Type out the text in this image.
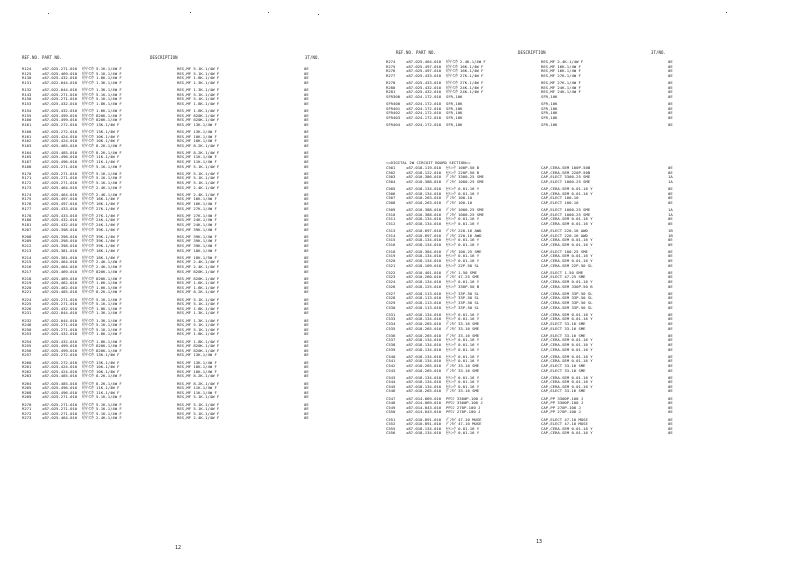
REF.NO. PART NO.	DESCRIPTION	3T/NO.
R124	★87-025-271-010 ｷｸﾃｲｺｳ 5.1K-1/4W F	RES,MF 5.1K-1/4W F	0E
R125	★87-025-469-010 ｷｸﾃｲｺｳ 5.1K-1/4W F	RES,MF 5.1K-1/4W F	0E
R130	★87-025-432-010 ｷｸﾃｲｺｳ 1.8K-1/4W F	RES,MF 1.8K-1/4W F	0E
R131	★87-022-044-010 ｷｸﾃｲｺｳ 1.3K-1/4W F	RES,MF 1.3K-1/4W F	0E
R132	★87-022-044-010 ｷｸﾃｲｺｳ 1.3K-1/4W F	RES,MF 1.3K-1/4W F	0E
R143	★87-025-271-010 ｷｸﾃｲｺｳ 5.1K-1/4W F	RES,MF 5.1K-1/4W F	0E
R150	★87-025-271-010 ｷｸﾃｲｺｳ 5.1K-1/4W F	RES,MF 5.1K-1/4W F	0E
R153	★87-025-432-010 ｷｸﾃｲｺｳ 1.8K-1/4W F	RES,MF 1.8K-1/4W F	0E
R154	★87-025-432-010 ｷｸﾃｲｺｳ 1.6K-1/4W F	RES,MF 1.6K-1/4W F	0E
R155	★87-025-499-010 ｷｸﾃｲｺｳ 820K-1/4W F	RES,MF 820K-1/4W F	0E
R160	★87-025-499-010 ｷｸﾃｲｺｳ 820K-1/4W F	RES,MF 820K-1/4W F	0E
R161	★87-025-272-010 ｷｸﾃｲｺｳ 13K-1/4W F	RES,MF 13K-1/4W F	0E
R160	★87-025-272-010 ｷｸﾃｲｺｳ 13K-1/4W F	RES,MF 13K-1/4W F	0E
R161	★87-025-424-010 ｷｸﾃｲｺｳ 10K-1/4W F	RES,MF 10K-1/4W F	0E
R162	★87-025-424-010 ｷｸﾃｲｺｳ 10K-1/4W F	RES,MF 10K-1/4W F	0E
R163	★87-025-485-010 ｷｸﾃｲｺｳ 8.2K-1/4W F	RES,MF 8.2K-1/4W F	0E
R164	★87-025-485-010 ｷｸﾃｲｺｳ 8.2K-1/4W F	RES,MF 8.2K-1/4W F	0E
R165	★87-025-496-010 ｷｸﾃｲｺｳ 11K-1/4W F	RES,MF 11K-1/4W F	0E
R167	★87-025-496-010 ｷｸﾃｲｺｳ 11K-1/4W F	RES,MF 11K-1/4W F	0E
R168	★87-025-271-010 ｷｸﾃｲｺｳ 5.1K-1/4W F	RES,MF 5.1K-1/4W F	0E
R170	★87-025-271-010 ｷｸﾃｲｺｳ 5.1K-1/4W F	RES,MF 5.1K-1/4W F	0E
R171	★87-025-271-010 ｷｸﾃｲｺｳ 5.1K-1/4W F	RES,MF 5.1K-1/4W F	0E
R172	★87-025-271-010 ｷｸﾃｲｺｳ 5.1K-1/4W F	RES,MF 5.1K-1/4W F	0E
R173	★87-025-464-010 ｷｸﾃｲｺｳ 2.4K-1/4W F	RES,MF 2.4K-1/4W F	0E
R174	★87-025-464-010 ｷｸﾃｲｺｳ 2.4K-1/4W F	RES,MF 2.4K-1/4W F	0E
R175	★87-025-497-010 ｷｸﾃｲｺｳ 16K-1/4W F	RES,MF 16K-1/4W F	0E
R176	★87-025-497-010 ｷｸﾃｲｺｳ 16K-1/4W F	RES,MF 16K-1/4W F	0E
R177	★87-025-433-010 ｷｸﾃｲｺｳ 27K-1/4W F	RES,MF 27K-1/4W F	0E
R178	★87-025-433-010 ｷｸﾃｲｺｳ 27K-1/4W F	RES,MF 27K-1/4W F	0E
R180	★87-025-432-010 ｷｸﾃｲｺｳ 24K-1/4W F	RES,MF 24K-1/4W F	0E
R181	★87-025-432-010 ｷｸﾃｲｺｳ 24K-1/4W F	RES,MF 24K-1/4W F	0E
R207	★87-025-398-010 ｷｸﾃｲｺｳ 39K-1/4W F	RES,MF 39K-1/4W F	0E
R208	★87-025-398-010 ｷｸﾃｲｺｳ 39K-1/4W F	RES,MF 39K-1/4W F	0E
R209	★87-025-398-010 ｷｸﾃｲｺｳ 39K-1/4W F	RES,MF 39K-1/4W F	0E
R212	★87-025-398-010 ｷｸﾃｲｺｳ 39K-1/4W F	RES,MF 39K-1/4W F	0E
R213	★87-025-381-010 ｷｸﾃｲｺｳ 18K-1/4W F	RES,MF 18K-1/4W F	0E
R214	★87-025-381-010 ｷｸﾃｲｺｳ 18K-1/4W F	RES,MF 18K-1/5W F	0E
R215	★87-025-464-010 ｷｸﾃｲｺｳ 2.4K-1/4W F	RES,MF 2.4K-1/4W F	0E
R216	★87-025-464-010 ｷｸﾃｲｺｳ 2.4K-1/4W F	RES,MF 2.4K-1/4W F	0E
R217	★87-025-469-010 ｷｸﾃｲｺｳ 820K-1/4W F	RES,MF 820K-1/4W F	0E
R218	★87-025-469-010 ｷｸﾃｲｺｳ 820K-1/4W F	RES,MF 820K-1/4W F	0E
R219	★87-025-462-010 ｷｸﾃｲｺｳ 1.6K-1/4W F	RES,MF 1.6K-1/4W F	0E
R220	★87-025-462-010 ｷｸﾃｲｺｳ 1.6K-1/4W F	RES,MF 1.6K-1/4W F	0E
R221	★87-025-485-010 ｷｸﾃｲｺｳ 8.2K-1/4W F	RES,MF 8.2K-1/4W F	0E
R224	★87-025-271-010 ｷｸﾃｲｺｳ 5.1K-1/4W F	RES,MF 5.1K-1/4W F	0E
R225	★87-025-271-010 ｷｸﾃｲｺｳ 5.1K-1/4W F	RES,MF 5.1K-1/4W F	0E
R226	★87-025-432-010 ｷｸﾃｲｺｳ 1.8K-1/4W F	RES,MF 1.8K-1/4W F	0E
R231	★87-022-044-010 ｷｸﾃｲｺｳ 1.3K-1/4W F	RES,MF 1.3K-1/4W F	0E
R232	★87-022-044-010 ｷｸﾃｲｺｳ 1.3K-1/4W F	RES,MF 1.3K-1/4W F	0E
R248	★87-025-271-010 ｷｸﾃｲｺｳ 5.1K-1/4W F	RES,MF 5.1K-1/4W F	0E
R250	★87-025-271-010 ｷｸﾃｲｺｳ 5.1K-1/4W F	RES,MF 5.1K-1/4W F	0E
R253	★87-025-432-010 ｷｸﾃｲｺｳ 1.8K-1/4W F	RES,MF 1.8K-1/4W F	0E
R254	★87-025-432-010 ｷｸﾃｲｺｳ 1.8K-1/4W F	RES,MF 1.8K-1/4W F	0E
R255	★87-025-499-010 ｷｸﾃｲｺｳ 820K-1/4W F	RES,MF 820K-1/4W F	0E
R256	★87-025-499-010 ｷｸﾃｲｺｳ 820K-1/4W F	RES,MF 820K-1/4W F	0E
R257	★87-025-272-010 ｷｸﾃｲｺｳ 13K-1/4W F	RES,MF 13K-1/4W F	0E
R260	★87-025-272-010 ｷｸﾃｲｺｳ 13K-1/4W F	RES,MF 13K-1/4W F	0E
R261	★87-025-424-010 ｷｸﾃｲｺｳ 10K-1/4W F	RES,MF 10K-1/4W F	0E
R262	★87-025-424-010 ｷｸﾃｲｺｳ 10K-1/4W F	RES,MF 10K-1/4W F	0E
R263	★87-025-485-010 ｷｸﾃｲｺｳ 8.2K-1/4W F	RES,MF 8.2K-1/4W F	0E
R264	★87-025-485-010 ｷｸﾃｲｺｳ 8.2K-1/4W F	RES,MF 8.2K-1/4W F	0E
R265	★87-025-496-010 ｷｸﾃｲｺｳ 11K-1/4W F	RES,MF 11K-1/4W F	0E
R268	★87-025-496-010 ｷｸﾃｲｺｳ 11K-1/4W F	RES,MF 11K-1/4W F	0E
R269	★87-025-271-010 ｷｸﾃｲｺｳ 5.1K-1/4W F	RES,MF 5.1K-1/4W F	0E
R270	★87-025-271-010 ｷｸﾃｲｺｳ 5.1K-1/4W F	RES,MF 5.1K-1/4W F	0E
R271	★87-025-271-010 ｷｸﾃｲｺｳ 5.1K-1/4W F	RES,MF 5.1K-1/4W F	0E
R272	★87-025-271-010 ｷｸﾃｲｺｳ 5.1K-1/4W F	RES,MF 5.1K-1/4W F	0E
R273	★87-025-464-010 ｷｸﾃｲｺｳ 2.4K-1/4W F	RES,MF 2.4K-1/4W F	0E
12
REF.NO. PART NO.	DESCRIPTION	3T/NO.
R274	★87-025-464-010 ｷｸﾃｲｺｳ 2.4K-1/4W F	RES,MF 2.4K-1/4W F	0E
R275	★87-025-497-010 ｷｸﾃｲｺｳ 16K-1/4W F	RES,MF 16K-1/4W F	0E
R276	★87-025-497-010 ｷｸﾃｲｺｳ 16K-1/4W F	RES,MF 16K-1/4W F	0E
R277	★87-025-433-010 ｷｸﾃｲｺｳ 27K-1/4W F	RES,MF 27K-1/4W F	0E
R278	★87-025-433-010 ｷｸﾃｲｺｳ 27K-1/4W F	RES,MF 27K-1/4W F	0E
R280	★87-025-432-010 ｷｸﾃｲｺｳ 24K-1/4W F	RES,MF 24K-1/4W F	0E
R281	★87-025-432-010 ｷｸﾃｲｺｳ 24K-1/4W F	RES,MF 24K-1/4W F	0E
SFR300 ★87-024-172-010 SFR,10K	SFR,10K	0E
SFR400 ★87-024-172-010 SFR,10K	SFR,10K	0E
SFR401 ★87-024-172-010 SFR,10K	SFR,10K	0E
SFR402 ★87-024-172-010 SFR,10K	SFR,10K	0E
SFR403 ★87-024-172-010 SFR,10K	SFR,10K	0E
SFR404 ★87-024-172-010 SFR,10K	SFR,10K	0E
==DIGITAL 2W CIRCUIT BOARD SECTION==
C501	★87-018-119-010 ｾﾗﾐｯｸ 100P-50 B	CAP,CERA-SEM 100P-50B	0E
C502	★87-018-122-010 ｾﾗﾐｯｸ 220P-50 B	CAP,CERA-SEM 220P-50B	0E
C503	★87-010-386-010 ﾃﾞﾝｶｲ 3300-25 SME	CAP,ELECT 3300-25 SME	1A
C504	★87-010-388-010 ﾃﾞﾝｶｲ 1000-25 SME	CAP,ELECT 1000-25 SME	1A
C505	★87-018-134-010 ｾﾗﾐｯｸ 0.01-16 Y	CAP,CERA-SEM 0.01-16 Y	0E
C506	★87-018-134-010 ｾﾗﾐｯｸ 0.01-16 Y	CAP,CERA-SEM 0.01-16 Y	0E
C507	★87-010-263-010 ﾃﾞﾝｶｲ 100-10	CAP,ELECT 100-10	0E
C508	★87-010-263-010 ﾃﾞﾝｶｲ 100-10	CAP,ELECT 100-10	0E
C509	★87-010-388-010 ﾃﾞﾝｶｲ 1000-25 SME	CAP,ELECT 1000-25 SME	1A
C510	★87-010-388-010 ﾃﾞﾝｶｲ 1000-25 SME	CAP,ELECT 1000-25 SME	1A
C511	★87-018-134-010 ｾﾗﾐｯｸ 0.01-16 Y	CAP,CERA-SEM 0.01-16 Y	0E
C512	★87-018-134-010 ｾﾗﾐｯｸ 0.01-16 Y	CAP,CERA-SEM 0.01-16 Y	0E
C513	★87-010-697-010 ﾃﾞﾝｶｲ 220-16 AWD	CAP,ELECT 220-16 AWD	1B
C514	★87-010-697-010 ﾃﾞﾝｶｲ 220-16 AWD	CAP,ELECT 220-16 AWD	1B
C515	★87-018-134-010 ｾﾗﾐｯｸ 0.01-16 Y	CAP,CERA-SEM 0.01-16 Y	0E
C516	★87-018-134-010 ｾﾗﾐｯｸ 0.01-16 Y	CAP,CERA-SEM 0.01-16 Y	0E
C518	★87-010-384-010 ﾃﾞﾝｶｲ 100-25 SME	CAP,ELECT 100-25 SME	0E
C519	★87-018-134-010 ｾﾗﾐｯｸ 0.01-16 Y	CAP,CERA-SEM 0.01-16 Y	0E
C520	★87-018-134-010 ｾﾗﾐｯｸ 0.01-16 Y	CAP,CERA-SEM 0.01-16 Y	0E
C521	★87-018-109-010 ｾﾗﾐｯｸ 22P-50 SL	CAP,CERA-SEM 22P-50 SL	0E
C522	★87-010-401-010 ﾃﾞﾝｶｲ 1-50 SME	CAP,ELECT 1-50 SME	0E
C523	★87-010-260-010 ﾃﾞﾝｶｲ 47-25 SME	CAP,ELECT 47-25 SME	0E
C524	★87-018-134-010 ｾﾗﾐｯｸ 0.01-16 Y	CAP,CERA-SEM 0.01-16 Y	0E
C526	★87-018-125-010 ｾﾗﾐｯｸ 330P-50 B	CAP,CERA-SEM 330P-50 B	0E
C527	★87-018-113-010 ｾﾗﾐｯｸ 33P-50 SL	CAP,CERA-SEM 33P-50 SL	0E
C528	★87-018-113-010 ｾﾗﾐｯｸ 33P-50 SL	CAP,CERA-SEM 33P-50 SL	0E
C529	★87-018-113-010 ｾﾗﾐｯｸ 33P-50 SL	CAP,CERA-SEM 33P-50 SL	0E
C530	★87-018-113-010 ｾﾗﾐｯｸ 33P-50 SL	CAP,CERA-SEM 33P-50 SL	0E
C531	★87-018-134-010 ｾﾗﾐｯｸ 0.01-16 Y	CAP,CERA-SEM 0.01-16 Y	0E
C533	★87-018-134-010 ｾﾗﾐｯｸ 0.01-16 Y	CAP,CERA-SEM 0.01-16 Y	0E
C534	★87-010-265-010 ﾃﾞﾝｶｲ 33-16 SME	CAP,ELECT 33-16 SME	0E
C535	★87-010-265-010 ﾃﾞﾝｶｲ 33-16 SME	CAP,ELECT 33-16 SME	0E
C536	★87-010-265-010 ﾃﾞﾝｶｲ 33-16 SME	CAP,ELECT 33-16 SME	0E
C537	★87-018-134-010 ｾﾗﾐｯｸ 0.01-16 Y	CAP,CERA-SEM 0.01-16 Y	0E
C538	★87-018-134-010 ｾﾗﾐｯｸ 0.01-16 Y	CAP,CERA-SEM 0.01-16 Y	0E
C539	★87-018-134-010 ｾﾗﾐｯｸ 0.01-16 Y	CAP,CERA-SEM 0.01-16 Y	0E
C540	★87-018-134-010 ｾﾗﾐｯｸ 0.01-16 Y	CAP,CERA-SEM 0.01-16 Y	0E
C541	★87-018-134-010 ｾﾗﾐｯｸ 0.01-16 Y	CAP,CERA-SEM 0.01-16 Y	0E
C542	★87-010-265-010 ﾃﾞﾝｶｲ 33-16 SME	CAP,ELECT 33-16 SME	0E
C543	★87-010-265-010 ﾃﾞﾝｶｲ 33-16 SME	CAP,ELECT 33-16 SME	0E
C543	★87-018-134-010 ｾﾗﾐｯｸ 0.01-16 Y	CAP,CERA-SEM 0.01-16 Y	0E
C544	★87-018-134-010 ｾﾗﾐｯｸ 0.01-16 Y	CAP,CERA-SEM 0.01-16 Y	0E
C545	★87-018-134-010 ｾﾗﾐｯｸ 0.01-16 Y	CAP,CERA-SEM 0.01-16 Y	0E
C546	★87-010-265-010 ﾃﾞﾝｶｲ 33-16 SME	CAP,ELECT 33-16 SME	0E
C547	★87-014-069-010 PPｺﾝ 3300P-100 J	CAP,PP 3300P-100 J	0E
C548	★87-014-069-010 PPｺﾝ 3300P-100 J	CAP,PP 3300P-100 J	0E
C549	★87-014-043-010 PPｺﾝ 270P-100 J	CAP,PP 270P-100 J	0E
C550	★87-014-043-010 PPｺﾝ 270P-100 J	CAP,PP 270P-100 J	0E
C551	★87-010-891-010 ﾃﾞﾝｶｲ 47-10 MUSE	CAP,ELECT 47-10 MUSE	0E
C552	★87-010-891-010 ﾃﾞﾝｶｲ 47-10 MUSE	CAP,ELECT 47-10 MUSE	0E
C555	★87-018-134-010 ｾﾗﾐｯｸ 0.01-16 Y	CAP,CERA-SEM 0.01-16 Y	0E
C556	★87-018-134-010 ｾﾗﾐｯｸ 0.01-16 Y	CAP,CERA-SEM 0.01-16 Y	0E
13
